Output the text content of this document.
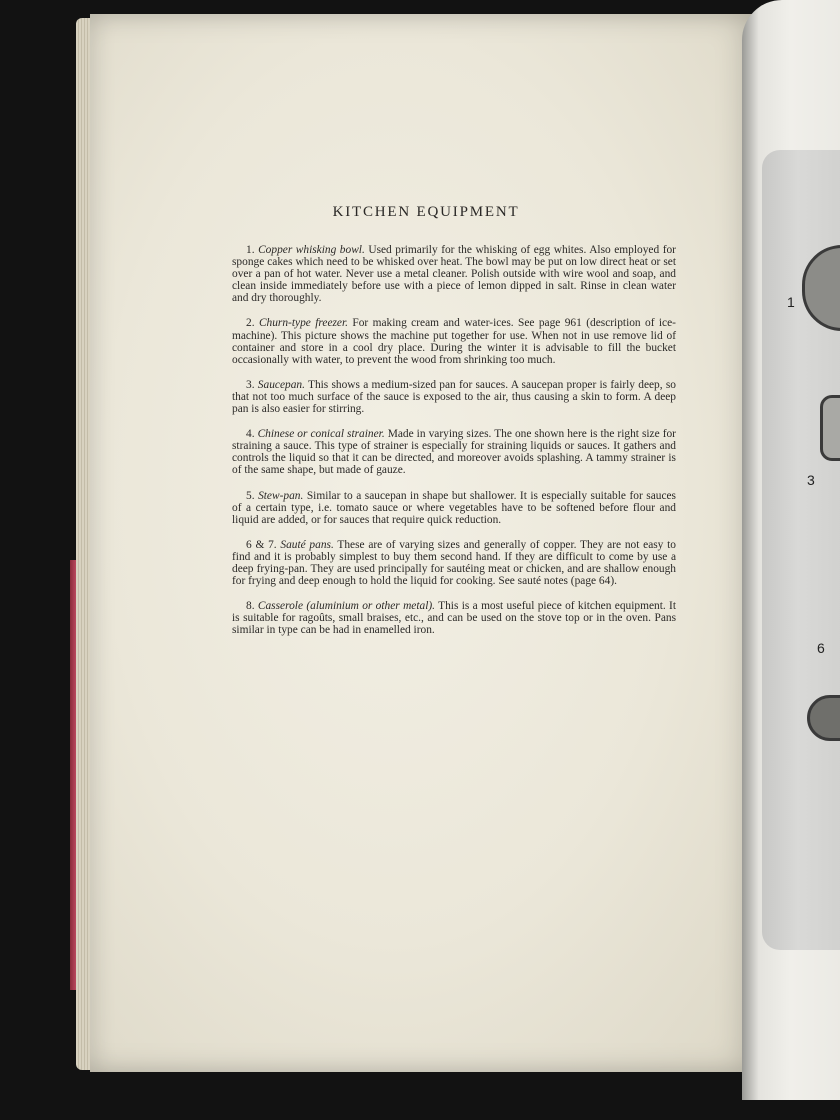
KITCHEN EQUIPMENT

1. Copper whisking bowl. Used primarily for the whisking of egg whites. Also employed for sponge cakes which need to be whisked over heat. The bowl may be put on low direct heat or set over a pan of hot water. Never use a metal cleaner. Polish outside with wire wool and soap, and clean inside immediately before use with a piece of lemon dipped in salt. Rinse in clean water and dry thoroughly.

2. Churn-type freezer. For making cream and water-ices. See page 961 (description of ice-machine). This picture shows the machine put together for use. When not in use remove lid of container and store in a cool dry place. During the winter it is advisable to fill the bucket occasionally with water, to prevent the wood from shrinking too much.

3. Saucepan. This shows a medium-sized pan for sauces. A saucepan proper is fairly deep, so that not too much surface of the sauce is exposed to the air, thus causing a skin to form. A deep pan is also easier for stirring.

4. Chinese or conical strainer. Made in varying sizes. The one shown here is the right size for straining a sauce. This type of strainer is especially for straining liquids or sauces. It gathers and controls the liquid so that it can be directed, and moreover avoids splashing. A tammy strainer is of the same shape, but made of gauze.

5. Stew-pan. Similar to a saucepan in shape but shallower. It is especially suitable for sauces of a certain type, i.e. tomato sauce or where vegetables have to be softened before flour and liquid are added, or for sauces that require quick reduction.

6 & 7. Sauté pans. These are of varying sizes and generally of copper. They are not easy to find and it is probably simplest to buy them second hand. If they are difficult to come by use a deep frying-pan. They are used principally for sautéing meat or chicken, and are shallow enough for frying and deep enough to hold the liquid for cooking. See sauté notes (page 64).

8. Casserole (aluminium or other metal). This is a most useful piece of kitchen equipment. It is suitable for ragoûts, small braises, etc., and can be used on the stove top or in the oven. Pans similar in type can be had in enamelled iron.

1
3
6
